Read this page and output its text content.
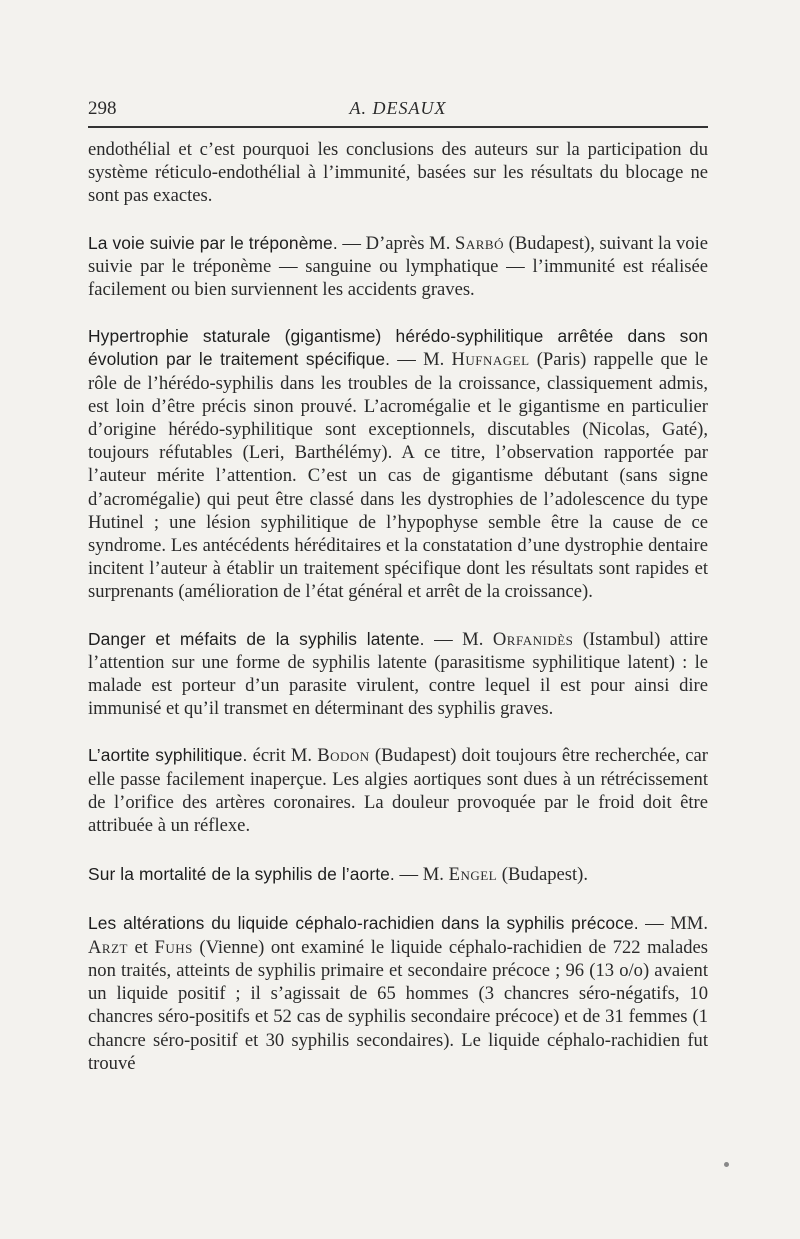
298	A. DESAUX

endothélial et c’est pourquoi les conclusions des auteurs sur la participation du système réticulo-endothélial à l’immunité, basées sur les résultats du blocage ne sont pas exactes.

La voie suivie par le tréponème. — D’après M. Sarbó (Budapest), suivant la voie suivie par le tréponème — sanguine ou lymphatique — l’immunité est réalisée facilement ou bien surviennent les accidents graves.

Hypertrophie staturale (gigantisme) hérédo-syphilitique arrêtée dans son évolution par le traitement spécifique. — M. Hufnagel (Paris) rappelle que le rôle de l’hérédo-syphilis dans les troubles de la croissance, classiquement admis, est loin d’être précis sinon prouvé. L’acromégalie et le gigantisme en particulier d’origine hérédo-syphilitique sont exceptionnels, discutables (Nicolas, Gaté), toujours réfutables (Leri, Barthélémy). A ce titre, l’observation rapportée par l’auteur mérite l’attention. C’est un cas de gigantisme débutant (sans signe d’acromégalie) qui peut être classé dans les dystrophies de l’adolescence du type Hutinel ; une lésion syphilitique de l’hypophyse semble être la cause de ce syndrome. Les antécédents héréditaires et la constatation d’une dystrophie dentaire incitent l’auteur à établir un traitement spécifique dont les résultats sont rapides et surprenants (amélioration de l’état général et arrêt de la croissance).

Danger et méfaits de la syphilis latente. — M. Orfanidès (Istambul) attire l’attention sur une forme de syphilis latente (parasitisme syphilitique latent) : le malade est porteur d’un parasite virulent, contre lequel il est pour ainsi dire immunisé et qu’il transmet en déterminant des syphilis graves.

L’aortite syphilitique. écrit M. Bodon (Budapest) doit toujours être recherchée, car elle passe facilement inaperçue. Les algies aortiques sont dues à un rétrécissement de l’orifice des artères coronaires. La douleur provoquée par le froid doit être attribuée à un réflexe.

Sur la mortalité de la syphilis de l’aorte. — M. Engel (Budapest).

Les altérations du liquide céphalo-rachidien dans la syphilis précoce. — MM. Arzt et Fuhs (Vienne) ont examiné le liquide céphalo-rachidien de 722 malades non traités, atteints de syphilis primaire et secondaire précoce ; 96 (13 o/o) avaient un liquide positif ; il s’agissait de 65 hommes (3 chancres séro-négatifs, 10 chancres séro-positifs et 52 cas de syphilis secondaire précoce) et de 31 femmes (1 chancre séro-positif et 30 syphilis secondaires). Le liquide céphalo-rachidien fut trouvé
